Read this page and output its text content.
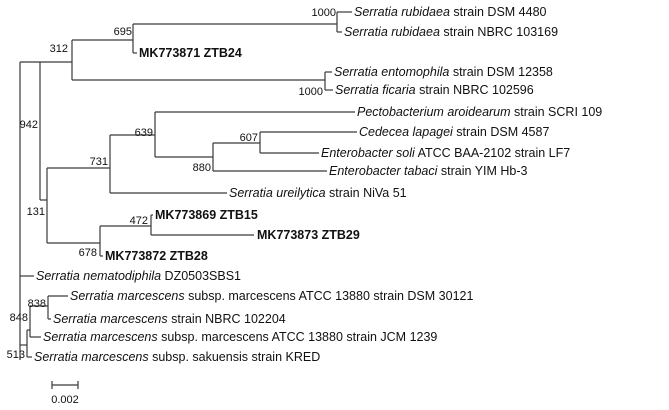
1000
695
312
1000
942
639	607
880
731
131
472
678
838
848
513
Serratia rubidaea strain DSM 4480
Serratia rubidaea strain NBRC 103169
MK773871 ZTB24
Serratia entomophila strain DSM 12358
Serratia ficaria strain NBRC 102596
Pectobacterium aroidearum strain SCRI 109
Cedecea lapagei strain DSM 4587
Enterobacter soli ATCC BAA-2102 strain LF7
Enterobacter tabaci strain YIM Hb-3
Serratia ureilytica strain NiVa 51
MK773869 ZTB15
MK773873 ZTB29
MK773872 ZTB28
Serratia nematodiphila DZ0503SBS1
Serratia marcescens subsp. marcescens ATCC 13880 strain DSM 30121
Serratia marcescens strain NBRC 102204
Serratia marcescens subsp. marcescens ATCC 13880 strain JCM 1239
Serratia marcescens subsp. sakuensis strain KRED
0.002
